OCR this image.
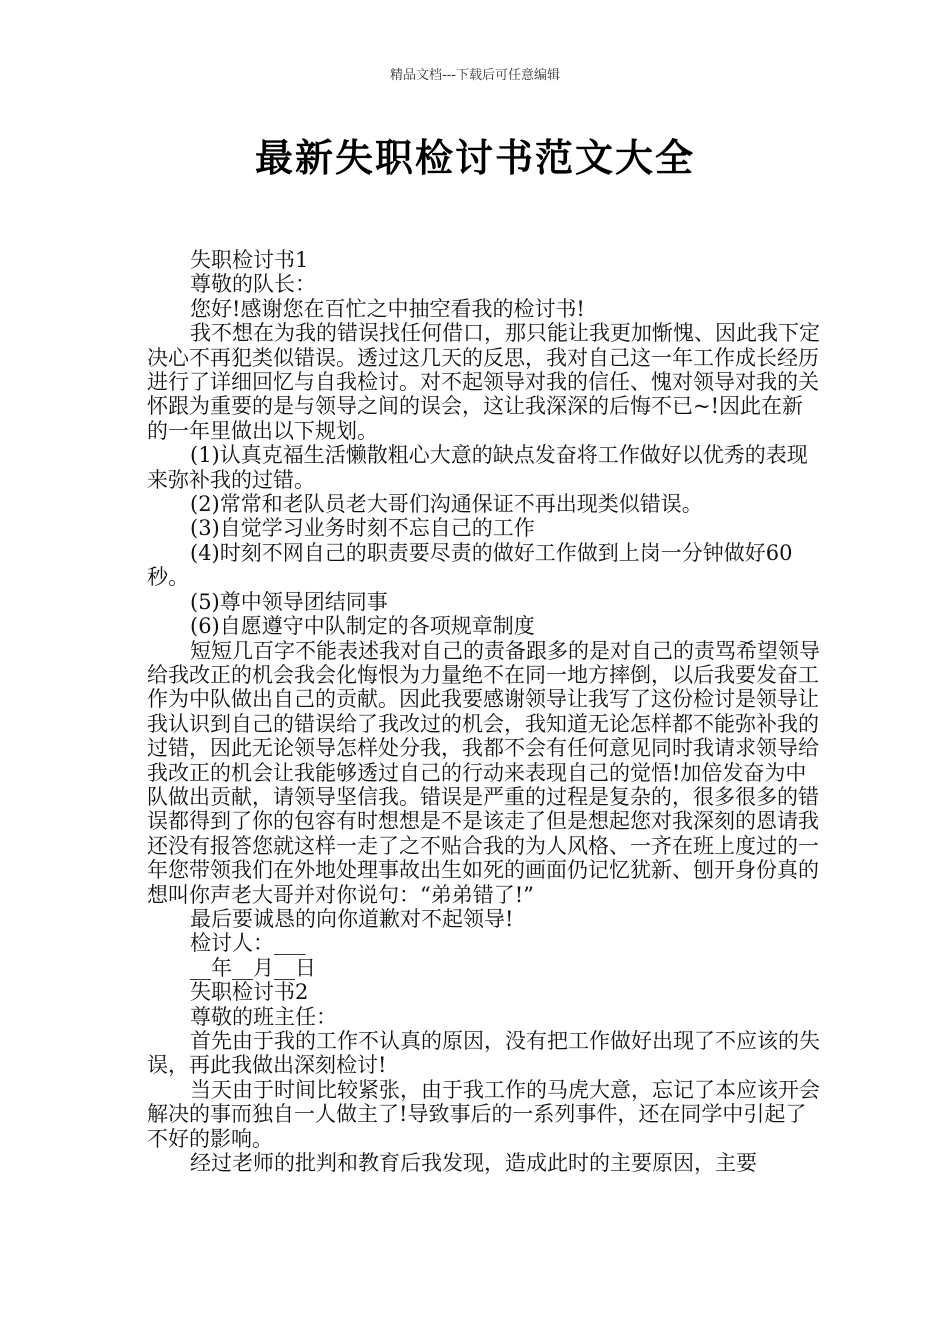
精品文档---下载后可任意编辑
最新失职检讨书范文大全

失职检讨书1

尊敬的队长：

您好!感谢您在百忙之中抽空看我的检讨书!

我不想在为我的错误找任何借口，那只能让我更加惭愧、因此我下定决心不再犯类似错误。透过这几天的反思，我对自己这一年工作成长经历进行了详细回忆与自我检讨。对不起领导对我的信任、愧对领导对我的关怀跟为重要的是与领导之间的误会，这让我深深的后悔不已~!因此在新的一年里做出以下规划。

(1)认真克福生活懒散粗心大意的缺点发奋将工作做好以优秀的表现来弥补我的过错。

(2)常常和老队员老大哥们沟通保证不再出现类似错误。

(3)自觉学习业务时刻不忘自己的工作

(4)时刻不网自己的职责要尽责的做好工作做到上岗一分钟做好60秒。

(5)尊中领导团结同事

(6)自愿遵守中队制定的各项规章制度

短短几百字不能表述我对自己的责备跟多的是对自己的责骂希望领导给我改正的机会我会化悔恨为力量绝不在同一地方摔倒，以后我要发奋工作为中队做出自己的贡献。因此我要感谢领导让我写了这份检讨是领导让我认识到自己的错误给了我改过的机会，我知道无论怎样都不能弥补我的过错，因此无论领导怎样处分我，我都不会有任何意见同时我请求领导给我改正的机会让我能够透过自己的行动来表现自己的觉悟!加倍发奋为中队做出贡献，请领导坚信我。错误是严重的过程是复杂的，很多很多的错误都得到了你的包容有时想想是不是该走了但是想起您对我深刻的恩请我还没有报答您就这样一走了之不贴合我的为人风格、一齐在班上度过的一年您带领我们在外地处理事故出生如死的画面仍记忆犹新、刨开身份真的想叫你声老大哥并对你说句：“弟弟错了!”

最后要诚恳的向你道歉对不起领导!

检讨人：___

__年__月__日

失职检讨书2

尊敬的班主任：

首先由于我的工作不认真的原因，没有把工作做好出现了不应该的失误，再此我做出深刻检讨!

当天由于时间比较紧张，由于我工作的马虎大意，忘记了本应该开会解决的事而独自一人做主了!导致事后的一系列事件，还在同学中引起了不好的影响。

经过老师的批判和教育后我发现，造成此时的主要原因，主要
